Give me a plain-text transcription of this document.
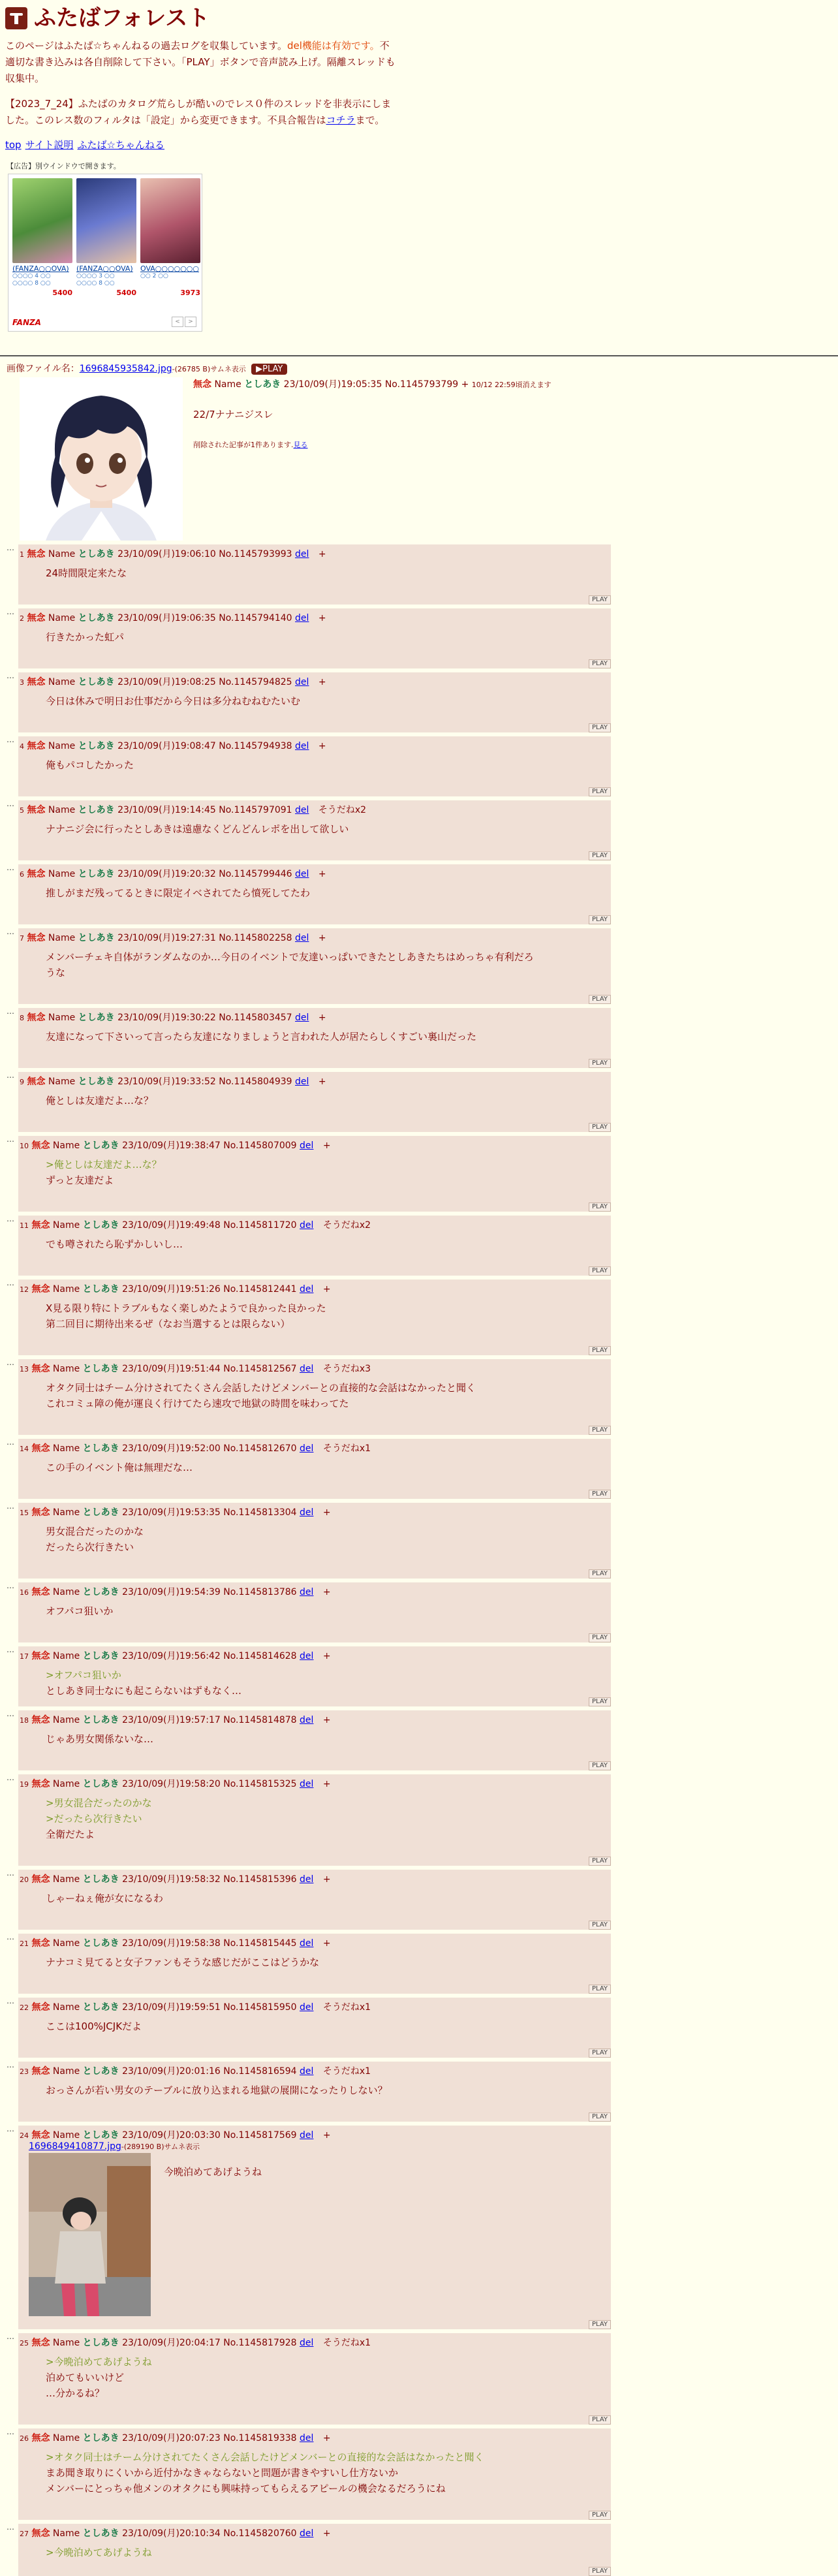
ふたばフォレスト

このページはふたば☆ちゃんねるの過去ログを収集しています。del機能は有効です。不適切な書き込みは各自削除して下さい。「PLAY」ボタンで音声読み上げ。隔離スレッドも収集中。

【2023_7_24】ふたばのカタログ荒らしが酷いのでレス０件のスレッドを非表示にしました。このレス数のフィルタは「設定」から変更できます。不具合報告はコチラまで。

top サイト説明 ふたば☆ちゃんねる
【広告】別ウインドウで開きます。
(FANZA○○OVA)
○○○○ 4 ○○ ○○○○ 8 ○○
5400
(FANZA○○OVA)
○○○○ 3 ○○ ○○○○ 8 ○○
5400
OVA○○○○○○○
○○ 2 ○○
3973
FANZA	<	>
画像ファイル名：1696845935842.jpg-(26785 B)サムネ表示 ▶PLAY
無念 Name としあき 23/10/09(月)19:05:35 No.1145793799 + 10/12 22:59頃消えます
22/7ナナニジスレ
削除された記事が1件あります.見る
…
1 無念 Name としあき 23/10/09(月)19:06:10 No.1145793993 del +
24時間限定来たな
PLAY
…
2 無念 Name としあき 23/10/09(月)19:06:35 No.1145794140 del +
行きたかった虹パ
PLAY
…
3 無念 Name としあき 23/10/09(月)19:08:25 No.1145794825 del +
今日は休みで明日お仕事だから今日は多分ねむねむたいむ
PLAY
…
4 無念 Name としあき 23/10/09(月)19:08:47 No.1145794938 del +
俺もパコしたかった
PLAY
…
5 無念 Name としあき 23/10/09(月)19:14:45 No.1145797091 del そうだねx2
ナナニジ会に行ったとしあきは遠慮なくどんどんレポを出して欲しい
PLAY
…
6 無念 Name としあき 23/10/09(月)19:20:32 No.1145799446 del +
推しがまだ残ってるときに限定イベされてたら憤死してたわ
PLAY
…
7 無念 Name としあき 23/10/09(月)19:27:31 No.1145802258 del +
メンバーチェキ自体がランダムなのか…今日のイベントで友達いっぱいできたとしあきたちはめっちゃ有利だろ
うな
PLAY
…
8 無念 Name としあき 23/10/09(月)19:30:22 No.1145803457 del +
友達になって下さいって言ったら友達になりましょうと言われた人が居たらしくすごい裏山だった
PLAY
…
9 無念 Name としあき 23/10/09(月)19:33:52 No.1145804939 del +
俺としは友達だよ…な？
PLAY
…
10 無念 Name としあき 23/10/09(月)19:38:47 No.1145807009 del +
>俺としは友達だよ…な？
ずっと友達だよ
PLAY
…
11 無念 Name としあき 23/10/09(月)19:49:48 No.1145811720 del そうだねx2
でも噂されたら恥ずかしいし…
PLAY
…
12 無念 Name としあき 23/10/09(月)19:51:26 No.1145812441 del +
X見る限り特にトラブルもなく楽しめたようで良かった良かった
第二回目に期待出来るぜ（なお当選するとは限らない）
PLAY
…
13 無念 Name としあき 23/10/09(月)19:51:44 No.1145812567 del そうだねx3
オタク同士はチーム分けされてたくさん会話したけどメンバーとの直接的な会話はなかったと聞く
これコミュ障の俺が運良く行けてたら速攻で地獄の時間を味わってた
PLAY
…
14 無念 Name としあき 23/10/09(月)19:52:00 No.1145812670 del そうだねx1
この手のイベント俺は無理だな…
PLAY
…
15 無念 Name としあき 23/10/09(月)19:53:35 No.1145813304 del +
男女混合だったのかな
だったら次行きたい
PLAY
…
16 無念 Name としあき 23/10/09(月)19:54:39 No.1145813786 del +
オフパコ狙いか
PLAY
…
17 無念 Name としあき 23/10/09(月)19:56:42 No.1145814628 del +
>オフパコ狙いか
としあき同士なにも起こらないはずもなく…
PLAY
…
18 無念 Name としあき 23/10/09(月)19:57:17 No.1145814878 del +
じゃあ男女関係ないな…
PLAY
…
19 無念 Name としあき 23/10/09(月)19:58:20 No.1145815325 del +
>男女混合だったのかな
>だったら次行きたい
全衛だたよ
PLAY
…
20 無念 Name としあき 23/10/09(月)19:58:32 No.1145815396 del +
しゃーねぇ俺が女になるわ
PLAY
…
21 無念 Name としあき 23/10/09(月)19:58:38 No.1145815445 del +
ナナコミ見てると女子ファンもそうな感じだがここはどうかな
PLAY
…
22 無念 Name としあき 23/10/09(月)19:59:51 No.1145815950 del そうだねx1
ここは100%JCJKだよ
PLAY
…
23 無念 Name としあき 23/10/09(月)20:01:16 No.1145816594 del そうだねx1
おっさんが若い男女のテーブルに放り込まれる地獄の展開になったりしない？
PLAY
…
24 無念 Name としあき 23/10/09(月)20:03:30 No.1145817569 del +
1696849410877.jpg-(289190 B)サムネ表示
今晩泊めてあげようね
PLAY
…
25 無念 Name としあき 23/10/09(月)20:04:17 No.1145817928 del そうだねx1
>今晩泊めてあげようね
泊めてもいいけど
…分かるね？
PLAY
…
26 無念 Name としあき 23/10/09(月)20:07:23 No.1145819338 del +
>オタク同士はチーム分けされてたくさん会話したけどメンバーとの直接的な会話はなかったと聞く
まあ聞き取りにくいから近付かなきゃならないと問題が書きやすいし仕方ないか
メンバーにとっちゃ他メンのオタクにも興味持ってもらえるアピールの機会なるだろうにね
PLAY
…
27 無念 Name としあき 23/10/09(月)20:10:34 No.1145820760 del +
>今晩泊めてあげようね
PLAY
